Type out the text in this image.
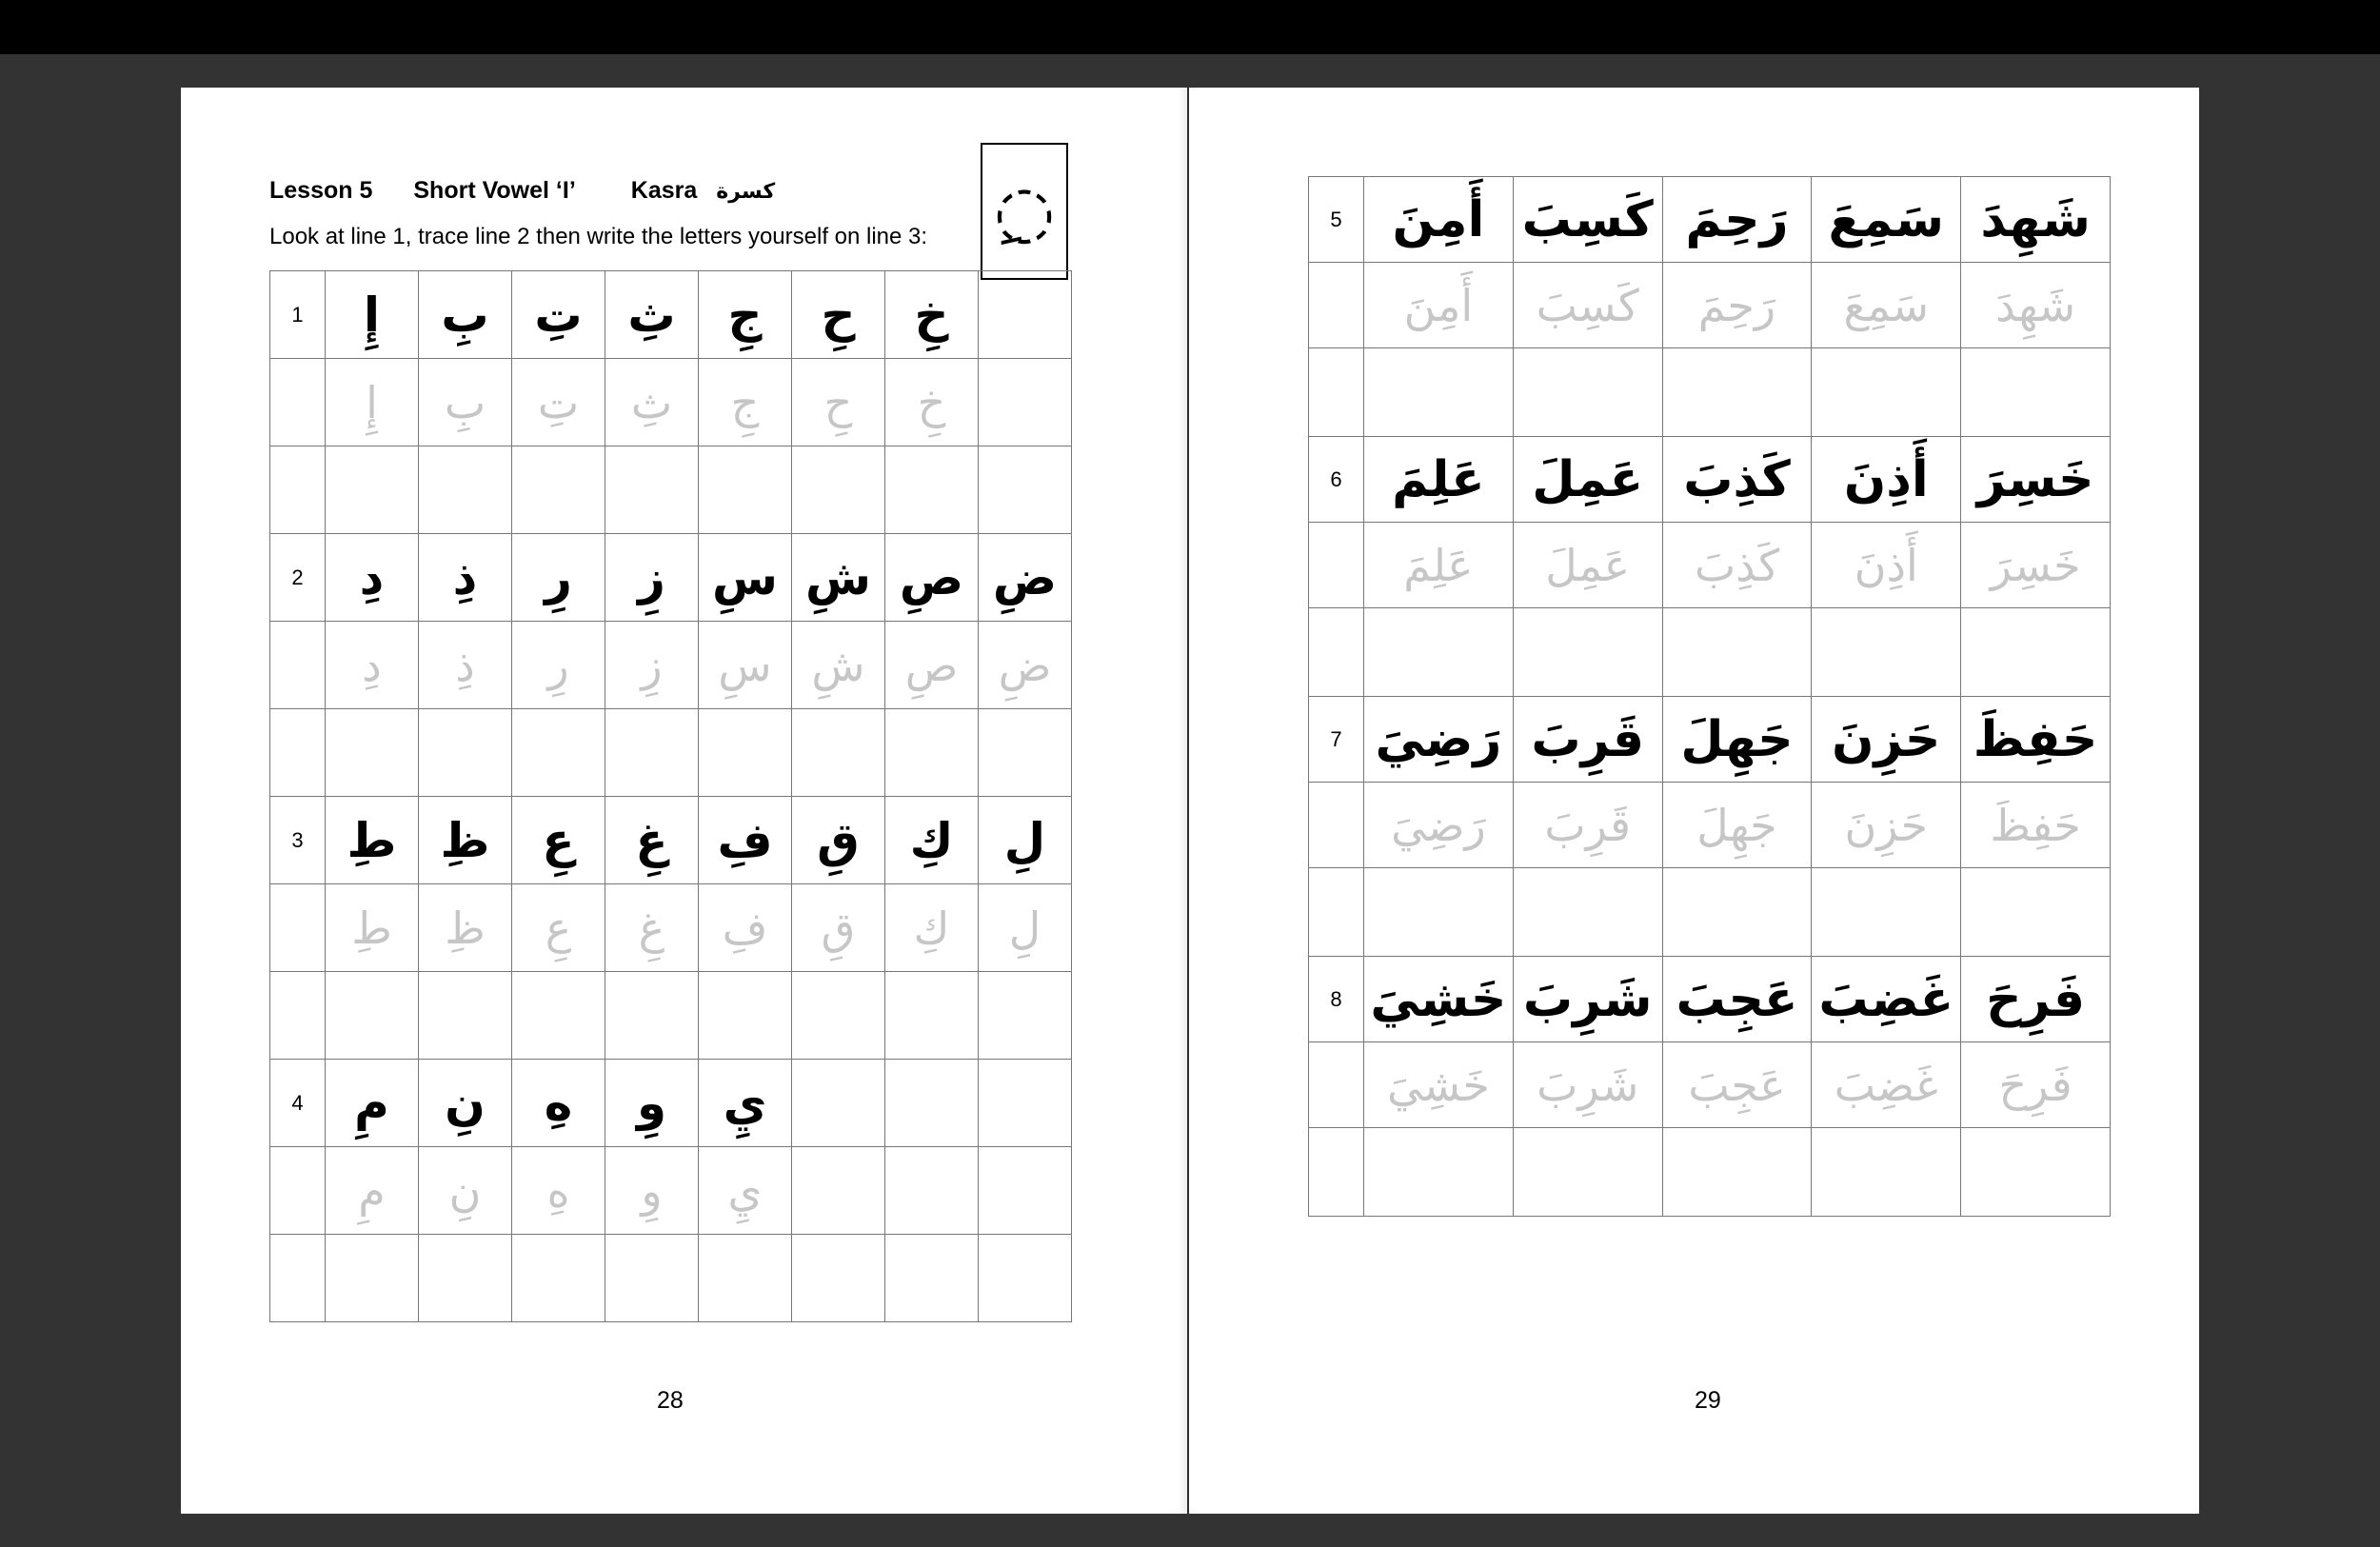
Lesson 5 Short Vowel ‘I’ Kasra كسرة
Look at line 1, trace line 2 then write the letters yourself on line 3: ◌ِ
1	إِ	بِ	تِ	ثِ	جِ	حِ	خِ	
	إِ	بِ	تِ	ثِ	جِ	حِ	خِ	

2	دِ	ذِ	رِ	زِ	سِ	شِ	صِ	ضِ
	دِ	ذِ	رِ	زِ	سِ	شِ	صِ	ضِ

3	طِ	ظِ	عِ	غِ	فِ	قِ	كِ	لِ
	طِ	ظِ	عِ	غِ	فِ	قِ	كِ	لِ

4	مِ	نِ	هِ	وِ	يِ			
	مِ	نِ	هِ	وِ	يِ			

28
5	أَمِنَ	كَسِبَ	رَحِمَ	سَمِعَ	شَهِدَ
	أَمِنَ	كَسِبَ	رَحِمَ	سَمِعَ	شَهِدَ

6	عَلِمَ	عَمِلَ	كَذِبَ	أَذِنَ	خَسِرَ
	عَلِمَ	عَمِلَ	كَذِبَ	أَذِنَ	خَسِرَ

7	رَضِيَ	قَرِبَ	جَهِلَ	حَزِنَ	حَفِظَ
	رَضِيَ	قَرِبَ	جَهِلَ	حَزِنَ	حَفِظَ

8	خَشِيَ	شَرِبَ	عَجِبَ	غَضِبَ	فَرِحَ
	خَشِيَ	شَرِبَ	عَجِبَ	غَضِبَ	فَرِحَ

29
